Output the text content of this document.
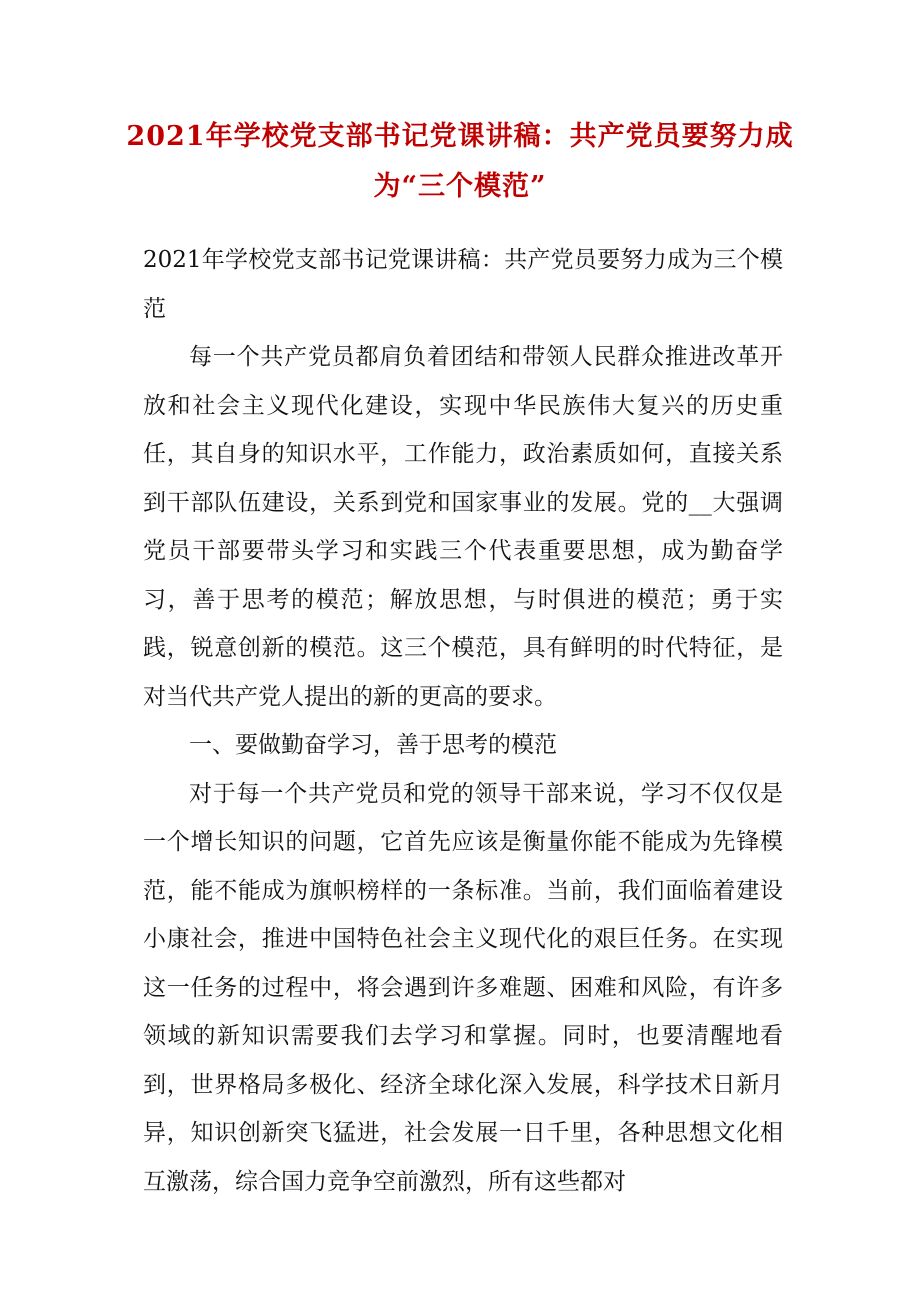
2021年学校党支部书记党课讲稿：共产党员要努力成为“三个模范”

2021年学校党支部书记党课讲稿：共产党员要努力成为三个模范

每一个共产党员都肩负着团结和带领人民群众推进改革开放和社会主义现代化建设，实现中华民族伟大复兴的历史重任，其自身的知识水平，工作能力，政治素质如何，直接关系到干部队伍建设，关系到党和国家事业的发展。党的__大强调党员干部要带头学习和实践三个代表重要思想，成为勤奋学习，善于思考的模范；解放思想，与时俱进的模范；勇于实践，锐意创新的模范。这三个模范，具有鲜明的时代特征，是对当代共产党人提出的新的更高的要求。

一、要做勤奋学习，善于思考的模范

对于每一个共产党员和党的领导干部来说，学习不仅仅是一个增长知识的问题，它首先应该是衡量你能不能成为先锋模范，能不能成为旗帜榜样的一条标准。当前，我们面临着建设小康社会，推进中国特色社会主义现代化的艰巨任务。在实现这一任务的过程中，将会遇到许多难题、困难和风险，有许多领域的新知识需要我们去学习和掌握。同时，也要清醒地看到，世界格局多极化、经济全球化深入发展，科学技术日新月异，知识创新突飞猛进，社会发展一日千里，各种思想文化相互激荡，综合国力竞争空前激烈，所有这些都对
